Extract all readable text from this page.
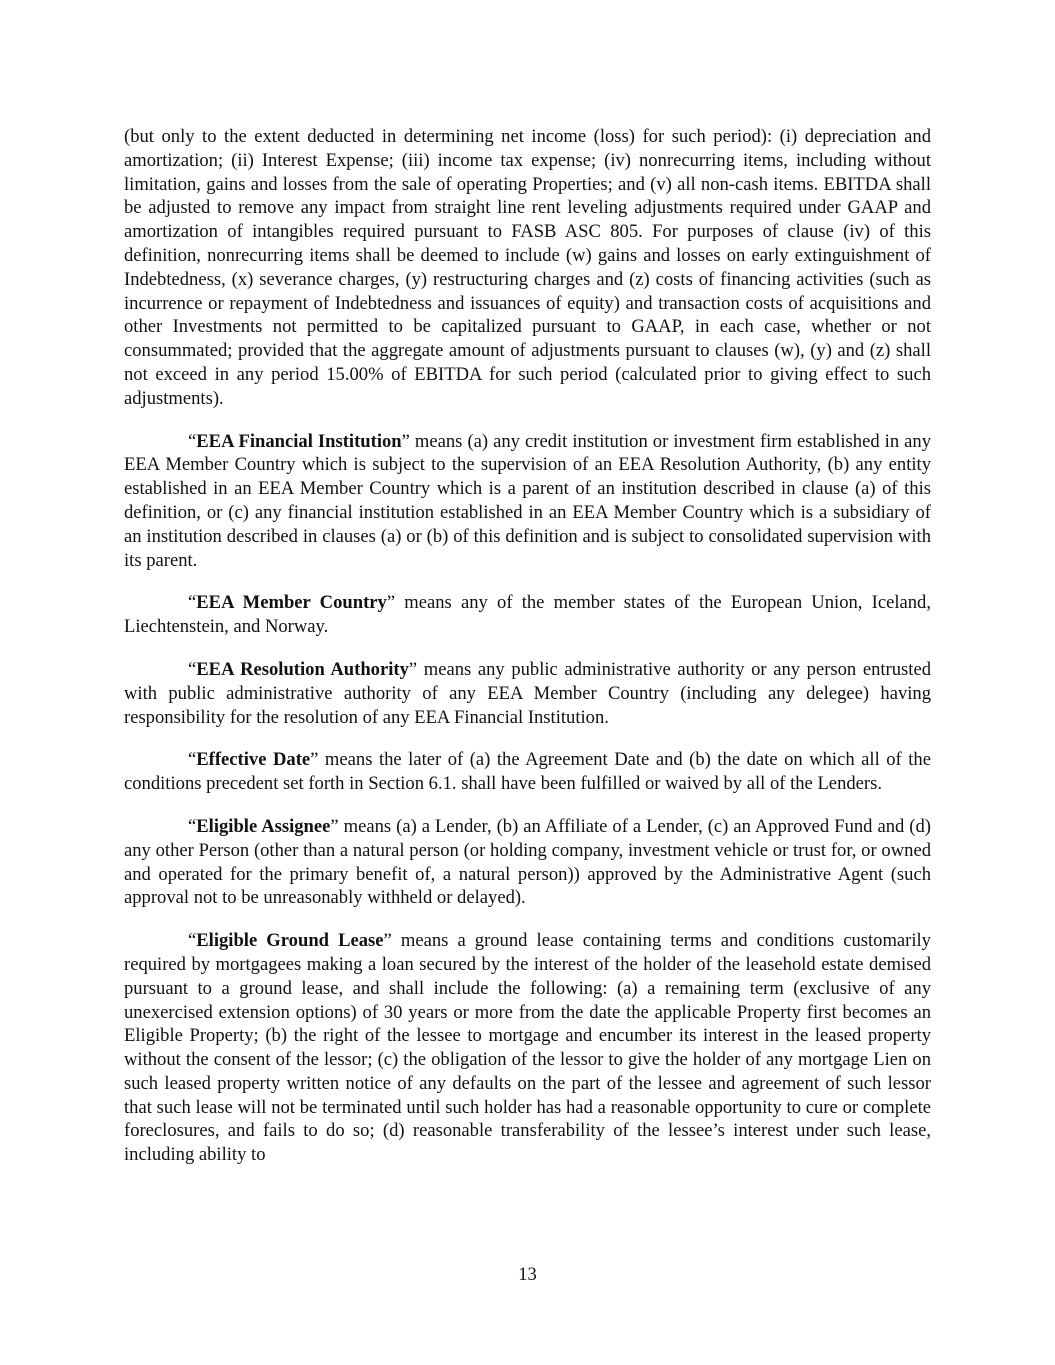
(but only to the extent deducted in determining net income (loss) for such period): (i) depreciation and amortization; (ii) Interest Expense; (iii) income tax expense; (iv) nonrecurring items, including without limitation, gains and losses from the sale of operating Properties; and (v) all non-cash items. EBITDA shall be adjusted to remove any impact from straight line rent leveling adjustments required under GAAP and amortization of intangibles required pursuant to FASB ASC 805. For purposes of clause (iv) of this definition, nonrecurring items shall be deemed to include (w) gains and losses on early extinguishment of Indebtedness, (x) severance charges, (y) restructuring charges and (z) costs of financing activities (such as incurrence or repayment of Indebtedness and issuances of equity) and transaction costs of acquisitions and other Investments not permitted to be capitalized pursuant to GAAP, in each case, whether or not consummated; provided that the aggregate amount of adjustments pursuant to clauses (w), (y) and (z) shall not exceed in any period 15.00% of EBITDA for such period (calculated prior to giving effect to such adjustments).

“EEA Financial Institution” means (a) any credit institution or investment firm established in any EEA Member Country which is subject to the supervision of an EEA Resolution Authority, (b) any entity established in an EEA Member Country which is a parent of an institution described in clause (a) of this definition, or (c) any financial institution established in an EEA Member Country which is a subsidiary of an institution described in clauses (a) or (b) of this definition and is subject to consolidated supervision with its parent.

“EEA Member Country” means any of the member states of the European Union, Iceland, Liechtenstein, and Norway.

“EEA Resolution Authority” means any public administrative authority or any person entrusted with public administrative authority of any EEA Member Country (including any delegee) having responsibility for the resolution of any EEA Financial Institution.

“Effective Date” means the later of (a) the Agreement Date and (b) the date on which all of the conditions precedent set forth in Section 6.1. shall have been fulfilled or waived by all of the Lenders.

“Eligible Assignee” means (a) a Lender, (b) an Affiliate of a Lender, (c) an Approved Fund and (d) any other Person (other than a natural person (or holding company, investment vehicle or trust for, or owned and operated for the primary benefit of, a natural person)) approved by the Administrative Agent (such approval not to be unreasonably withheld or delayed).

“Eligible Ground Lease” means a ground lease containing terms and conditions customarily required by mortgagees making a loan secured by the interest of the holder of the leasehold estate demised pursuant to a ground lease, and shall include the following: (a) a remaining term (exclusive of any unexercised extension options) of 30 years or more from the date the applicable Property first becomes an Eligible Property; (b) the right of the lessee to mortgage and encumber its interest in the leased property without the consent of the lessor; (c) the obligation of the lessor to give the holder of any mortgage Lien on such leased property written notice of any defaults on the part of the lessee and agreement of such lessor that such lease will not be terminated until such holder has had a reasonable opportunity to cure or complete foreclosures, and fails to do so; (d) reasonable transferability of the lessee’s interest under such lease, including ability to

13
